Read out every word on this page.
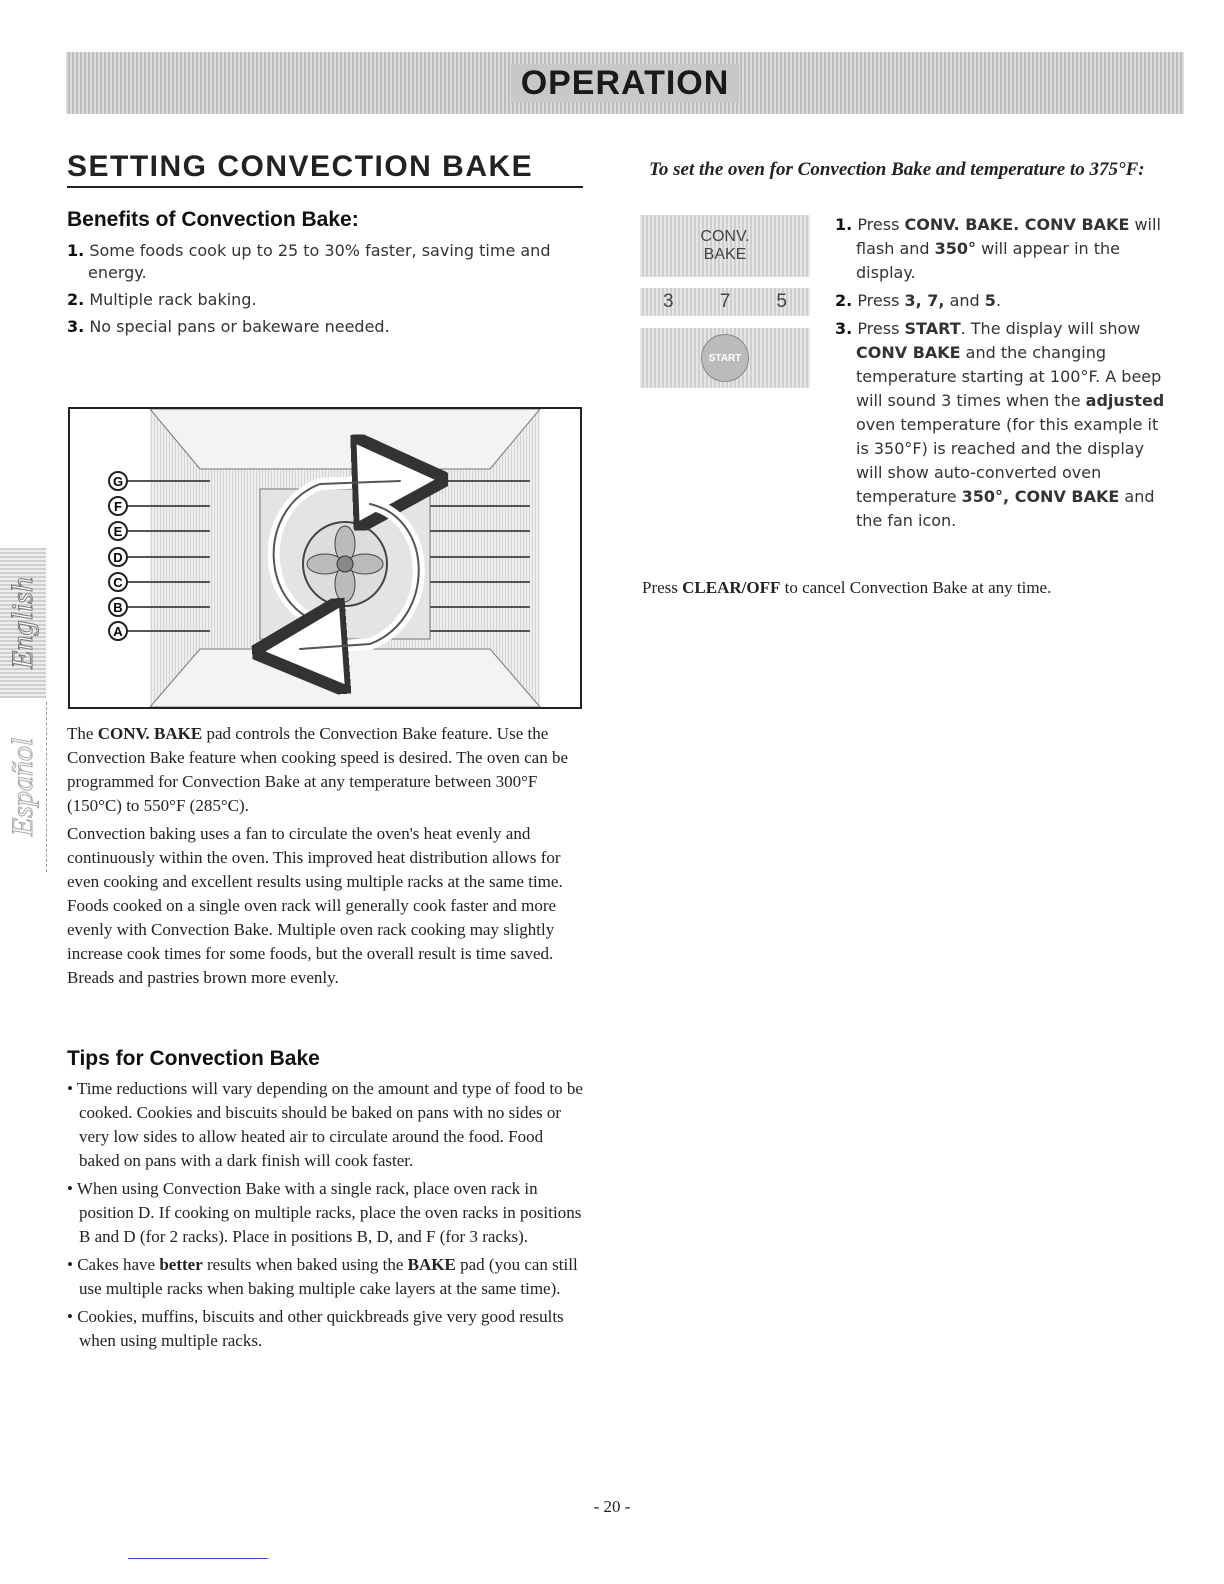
OPERATION
SETTING CONVECTION BAKE
Benefits of Convection Bake:
1. Some foods cook up to 25 to 30% faster, saving time and energy.
2. Multiple rack baking.
3. No special pans or bakeware needed.
G
F
E
D
C
B
A
English
Español

The CONV. BAKE pad controls the Convection Bake feature. Use the Convection Bake feature when cooking speed is desired. The oven can be programmed for Convection Bake at any temperature between 300°F (150°C) to 550°F (285°C).

Convection baking uses a fan to circulate the oven's heat evenly and continuously within the oven. This improved heat distribution allows for even cooking and excellent results using multiple racks at the same time. Foods cooked on a single oven rack will generally cook faster and more evenly with Convection Bake. Multiple oven rack cooking may slightly increase cook times for some foods, but the overall result is time saved. Breads and pastries brown more evenly.

Tips for Convection Bake
• Time reductions will vary depending on the amount and type of food to be cooked. Cookies and biscuits should be baked on pans with no sides or very low sides to allow heated air to circulate around the food. Food baked on pans with a dark finish will cook faster.
• When using Convection Bake with a single rack, place oven rack in position D. If cooking on multiple racks, place the oven racks in positions B and D (for 2 racks). Place in positions B, D, and F (for 3 racks).
• Cakes have better results when baked using the BAKE pad (you can still use multiple racks when baking multiple cake layers at the same time).
• Cookies, muffins, biscuits and other quickbreads give very good results when using multiple racks.
To set the oven for Convection Bake and temperature to 375°F:
CONV.
BAKE
3 7 5
START
1. Press CONV. BAKE. CONV BAKE will flash and 350° will appear in the display.
2. Press 3, 7, and 5.
3. Press START. The display will show CONV BAKE and the changing temperature starting at 100°F. A beep will sound 3 times when the adjusted oven temperature (for this example it is 350°F) is reached and the display will show auto-converted oven temperature 350°, CONV BAKE and the fan icon.
Press CLEAR/OFF to cancel Convection Bake at any time.
- 20 -
